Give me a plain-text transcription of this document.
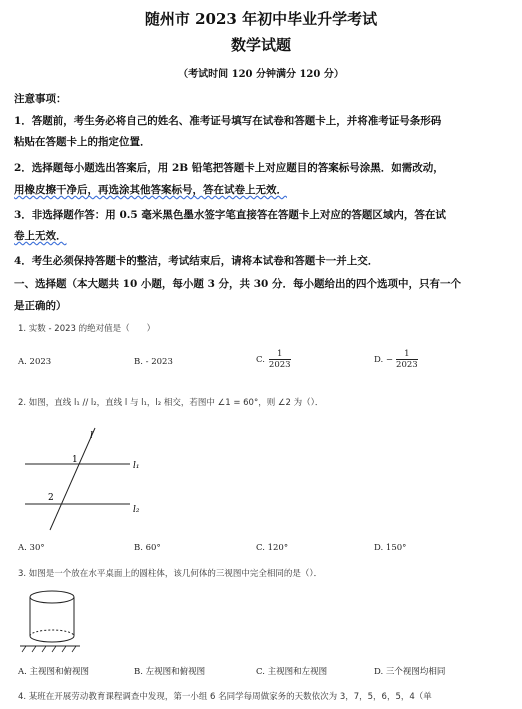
随州市 2023 年初中毕业升学考试
数学试题
（考试时间 120 分钟满分 120 分）
注意事项：
1．答题前，考生务必将自己的姓名、准考证号填写在试卷和答题卡上，并将准考证号条形码
粘贴在答题卡上的指定位置．
2．选择题每小题选出答案后，用 2B 铅笔把答题卡上对应题目的答案标号涂黑．如需改动，
用橡皮擦干净后，再选涂其他答案标号，答在试卷上无效．
3．非选择题作答：用 0.5 毫米黑色墨水签字笔直接答在答题卡上对应的答题区域内，答在试
卷上无效．
4．考生必须保持答题卡的整洁，考试结束后，请将本试卷和答题卡一并上交．
一、选择题（本大题共 10 小题，每小题 3 分，共 30 分．每小题给出的四个选项中，只有一个
是正确的）
1. 实数 - 2023 的绝对值是（　　）
A. 2023	B. - 2023	C. $\frac{1}{2023}$	D. − $\frac{1}{2023}$
2. 如图，直线 l₁ // l₂，直线 l 与 l₁，l₂ 相交，若图中 ∠1 = 60°，则 ∠2 为（）．
l
l₁
l₂
1
2
A. 30°	B. 60°	C. 120°	D. 150°
3. 如图是一个放在水平桌面上的圆柱体，该几何体的三视图中完全相同的是（）．
A. 主视图和俯视图	B. 左视图和俯视图	C. 主视图和左视图	D. 三个视图均相同
4. 某班在开展劳动教育课程调查中发现，第一小组 6 名同学每周做家务的天数依次为 3，7，5，6，5，4（单
